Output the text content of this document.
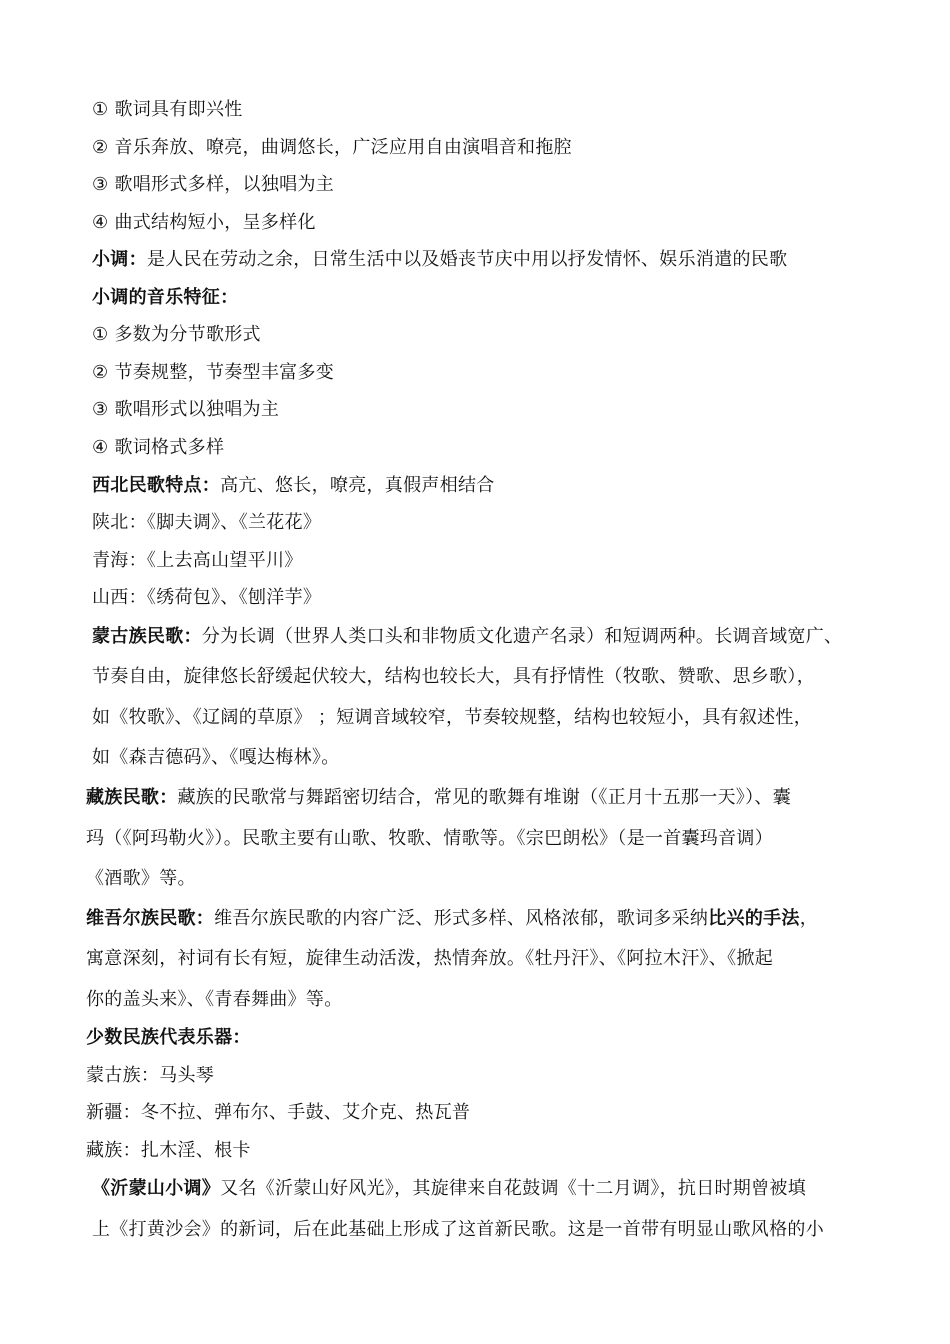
① 歌词具有即兴性
② 音乐奔放、嘹亮，曲调悠长，广泛应用自由演唱音和拖腔
③ 歌唱形式多样，以独唱为主
④ 曲式结构短小，呈多样化
小调：是人民在劳动之余，日常生活中以及婚丧节庆中用以抒发情怀、娱乐消遣的民歌
小调的音乐特征：
① 多数为分节歌形式
② 节奏规整，节奏型丰富多变
③ 歌唱形式以独唱为主
④ 歌词格式多样
西北民歌特点：高亢、悠长，嘹亮，真假声相结合
陕北：《脚夫调》、《兰花花》
青海：《上去高山望平川》
山西：《绣荷包》、《刨洋芋》
蒙古族民歌：分为长调（世界人类口头和非物质文化遗产名录）和短调两种。长调音域宽广、
节奏自由，旋律悠长舒缓起伏较大，结构也较长大，具有抒情性（牧歌、赞歌、思乡歌），
如《牧歌》、《辽阔的草原》 ；短调音域较窄，节奏较规整，结构也较短小，具有叙述性，
如《森吉德码》、《嘎达梅林》。
藏族民歌：藏族的民歌常与舞蹈密切结合，常见的歌舞有堆谢（《正月十五那一天》）、囊
玛（《阿玛勒火》）。民歌主要有山歌、牧歌、情歌等。《宗巴朗松》（是一首囊玛音调）
《酒歌》等。
维吾尔族民歌：维吾尔族民歌的内容广泛、形式多样、风格浓郁，歌词多采纳比兴的手法，
寓意深刻，衬词有长有短，旋律生动活泼，热情奔放。《牡丹汗》、《阿拉木汗》、《掀起
你的盖头来》、《青春舞曲》等。
少数民族代表乐器：
蒙古族：马头琴
新疆：冬不拉、弹布尔、手鼓、艾介克、热瓦普
藏族：扎木淫、根卡
《沂蒙山小调》又名《沂蒙山好风光》，其旋律来自花鼓调《十二月调》，抗日时期曾被填
上《打黄沙会》的新词，后在此基础上形成了这首新民歌。这是一首带有明显山歌风格的小
